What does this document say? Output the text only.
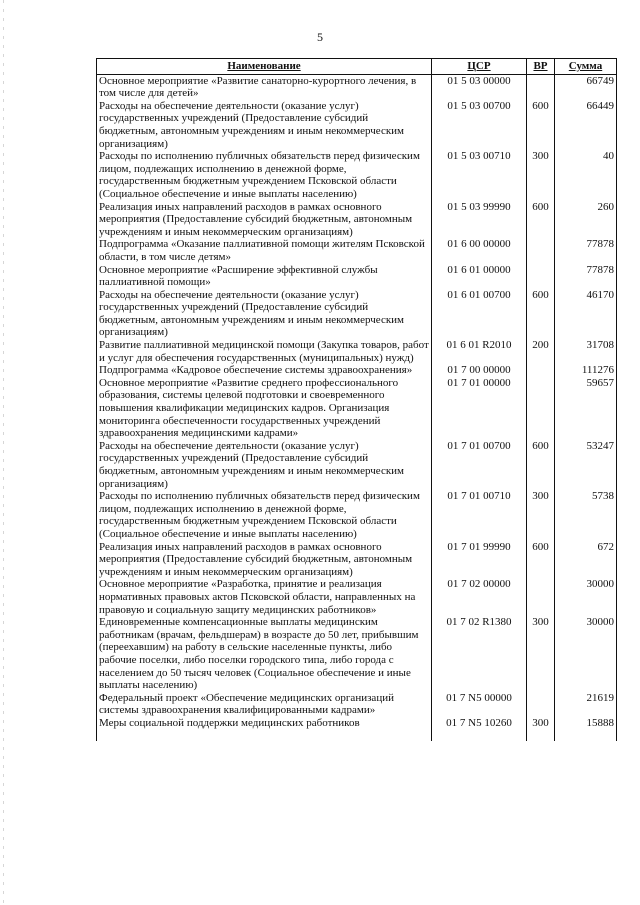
5
Наименование	ЦСР	ВР	Сумма
Основное мероприятие «Развитие санаторно-курортного лечения, в том числе для детей»	01 5 03 00000		66749
Расходы на обеспечение деятельности (оказание услуг) государственных учреждений (Предоставление субсидий бюджетным, автономным учреждениям и иным некоммерческим организациям)	01 5 03 00700	600	66449
Расходы по исполнению публичных обязательств перед физическим лицом, подлежащих исполнению в денежной форме, государственным бюджетным учреждением Псковской области (Социальное обеспечение и иные выплаты населению)	01 5 03 00710	300	40
Реализация иных направлений расходов в рамках основного мероприятия (Предоставление субсидий бюджетным, автономным учреждениям и иным некоммерческим организациям)	01 5 03 99990	600	260
Подпрограмма «Оказание паллиативной помощи жителям Псковской области, в том числе детям»	01 6 00 00000		77878
Основное мероприятие «Расширение эффективной службы паллиативной помощи»	01 6 01 00000		77878
Расходы на обеспечение деятельности (оказание услуг) государственных учреждений (Предоставление субсидий бюджетным, автономным учреждениям и иным некоммерческим организациям)	01 6 01 00700	600	46170
Развитие паллиативной медицинской помощи (Закупка товаров, работ и услуг для обеспечения государственных (муниципальных) нужд)	01 6 01 R2010	200	31708
Подпрограмма «Кадровое обеспечение системы здравоохранения»	01 7 00 00000		111276
Основное мероприятие «Развитие среднего профессионального образования, системы целевой подготовки и своевременного повышения квалификации медицинских кадров. Организация мониторинга обеспеченности государственных учреждений здравоохранения медицинскими кадрами»	01 7 01 00000		59657
Расходы на обеспечение деятельности (оказание услуг) государственных учреждений (Предоставление субсидий бюджетным, автономным учреждениям и иным некоммерческим организациям)	01 7 01 00700	600	53247
Расходы по исполнению публичных обязательств перед физическим лицом, подлежащих исполнению в денежной форме, государственным бюджетным учреждением Псковской области (Социальное обеспечение и иные выплаты населению)	01 7 01 00710	300	5738
Реализация иных направлений расходов в рамках основного мероприятия (Предоставление субсидий бюджетным, автономным учреждениям и иным некоммерческим организациям)	01 7 01 99990	600	672
Основное мероприятие «Разработка, принятие и реализация нормативных правовых актов Псковской области, направленных на правовую и социальную защиту медицинских работников»	01 7 02 00000		30000
Единовременные компенсационные выплаты медицинским работникам (врачам, фельдшерам) в возрасте до 50 лет, прибывшим (переехавшим) на работу в сельские населенные пункты, либо рабочие поселки, либо поселки городского типа, либо города с населением до 50 тысяч человек (Социальное обеспечение и иные выплаты населению)	01 7 02 R1380	300	30000
Федеральный проект «Обеспечение медицинских организаций системы здравоохранения квалифицированными кадрами»	01 7 N5 00000		21619
Меры социальной поддержки медицинских работников	01 7 N5 10260	300	15888
